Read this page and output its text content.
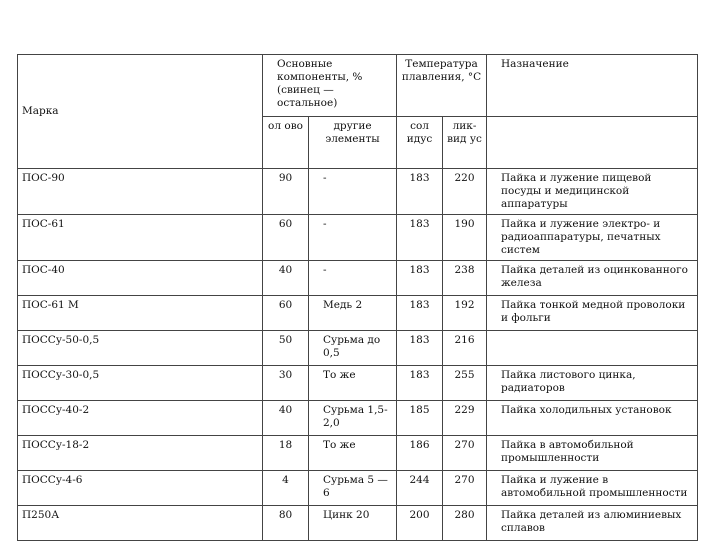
Марка	Основные компоненты, % (свинец — остальное)		Температура плавления, °С		Назначение
	ол ово	другие элементы	сол идус	лик- вид ус	
ПОС-90	90	-	183	220	Пайка и лужение пищевой посуды и медицинской аппаратуры
ПОС-61	60	-	183	190	Пайка и лужение электро- и радиоаппаратуры, печатных систем
ПОС-40	40	-	183	238	Пайка деталей из оцинкованного железа
ПОС-61 М	60	Медь 2	183	192	Пайка тонкой медной проволоки и фольги
ПОССу-50-0,5	50	Сурьма до 0,5	183	216	
ПОССу-30-0,5	30	То же	183	255	Пайка листового цинка, радиаторов
ПОССу-40-2	40	Сурьма 1,5-2,0	185	229	Пайка холодильных установок
ПОССу-18-2	18	То же	186	270	Пайка в автомобильной промышленности
ПОССу-4-6	4	Сурьма 5 —6	244	270	Пайка и лужение в автомобильной промышленности
П250А	80	Цинк 20	200	280	Пайка деталей из алюминиевых сплавов
